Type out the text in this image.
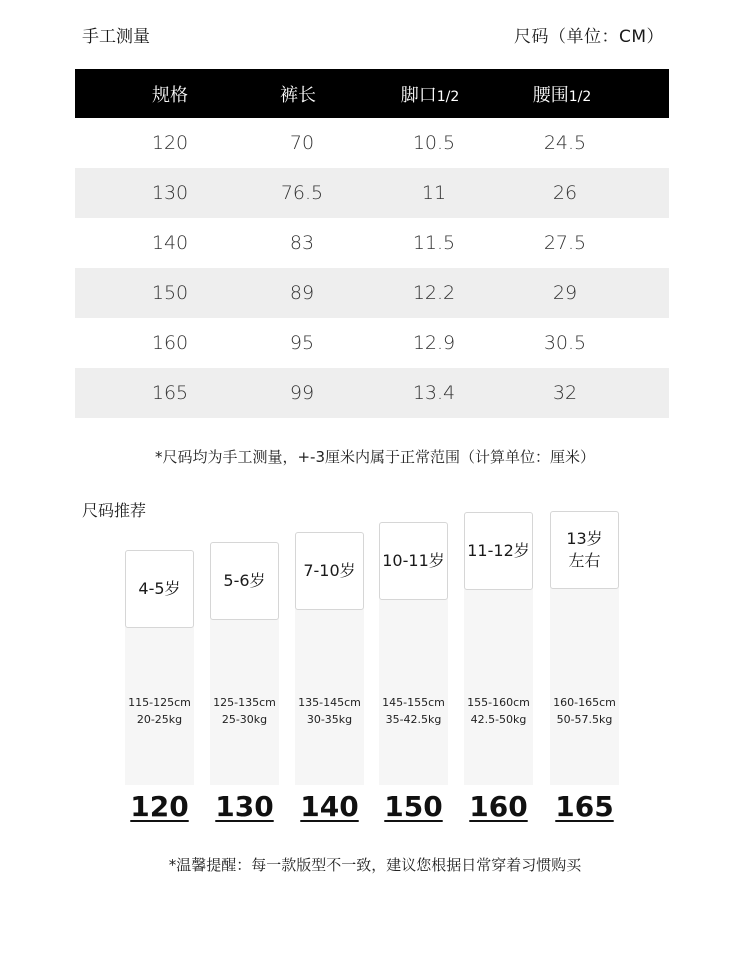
手工测量	尺码（单位：CM）
规格	裤长	脚口1/2	腰围1/2
120	70	10.5	24.5
130	76.5	11	26
140	83	11.5	27.5
150	89	12.2	29
160	95	12.9	30.5
165	99	13.4	32
*尺码均为手工测量，+-3厘米内属于正常范围（计算单位：厘米）
尺码推荐
4-5岁
115-125cm
20-25kg
120
5-6岁
125-135cm
25-30kg
130
7-10岁
135-145cm
30-35kg
140
10-11岁
145-155cm
35-42.5kg
150
11-12岁
155-160cm
42.5-50kg
160
13岁
左右
160-165cm
50-57.5kg
165
*温馨提醒：每一款版型不一致，建议您根据日常穿着习惯购买
